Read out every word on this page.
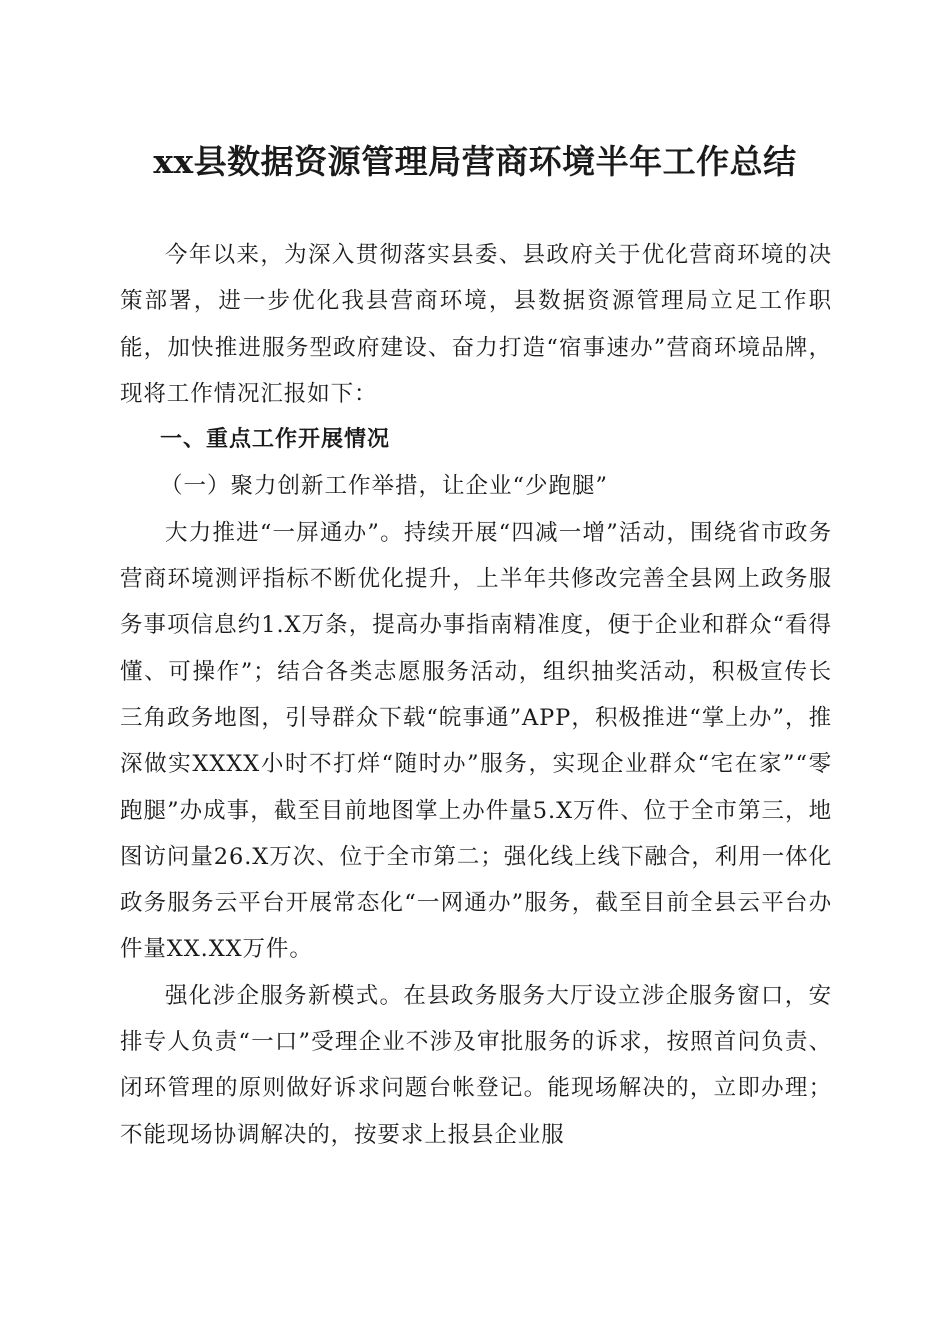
xx县数据资源管理局营商环境半年工作总结

今年以来，为深入贯彻落实县委、县政府关于优化营商环境的决策部署，进一步优化我县营商环境，县数据资源管理局立足工作职能，加快推进服务型政府建设、奋力打造“宿事速办”营商环境品牌，现将工作情况汇报如下：

一、重点工作开展情况

（一）聚力创新工作举措，让企业“少跑腿”

大力推进“一屏通办”。持续开展“四减一增”活动，围绕省市政务营商环境测评指标不断优化提升，上半年共修改完善全县网上政务服务事项信息约1.X万条，提高办事指南精准度，便于企业和群众“看得懂、可操作”；结合各类志愿服务活动，组织抽奖活动，积极宣传长三角政务地图，引导群众下载“皖事通”APP，积极推进“掌上办”，推深做实XXXX小时不打烊“随时办”服务，实现企业群众“宅在家”“零跑腿”办成事，截至目前地图掌上办件量5.X万件、位于全市第三，地图访问量26.X万次、位于全市第二；强化线上线下融合，利用一体化政务服务云平台开展常态化“一网通办”服务，截至目前全县云平台办件量XX.XX万件。

强化涉企服务新模式。在县政务服务大厅设立涉企服务窗口，安排专人负责“一口”受理企业不涉及审批服务的诉求，按照首问负责、闭环管理的原则做好诉求问题台帐登记。能现场解决的，立即办理；不能现场协调解决的，按要求上报县企业服
